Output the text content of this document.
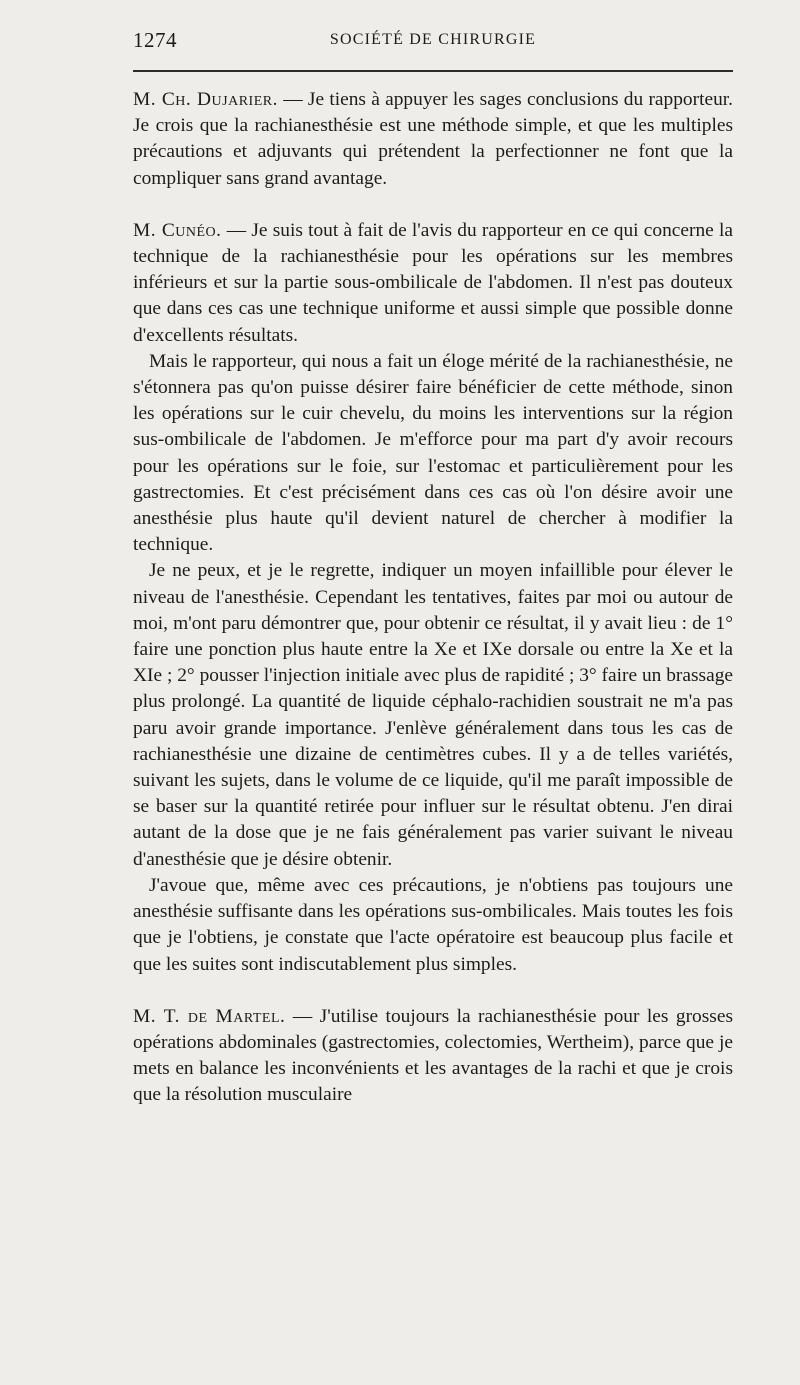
1274	SOCIÉTÉ DE CHIRURGIE

M. Ch. Dujarier. — Je tiens à appuyer les sages conclusions du rapporteur. Je crois que la rachianesthésie est une méthode simple, et que les multiples précautions et adjuvants qui prétendent la perfectionner ne font que la compliquer sans grand avantage.

M. Cunéo. — Je suis tout à fait de l'avis du rapporteur en ce qui concerne la technique de la rachianesthésie pour les opérations sur les membres inférieurs et sur la partie sous-ombilicale de l'abdomen. Il n'est pas douteux que dans ces cas une technique uniforme et aussi simple que possible donne d'excellents résultats.

Mais le rapporteur, qui nous a fait un éloge mérité de la rachianesthésie, ne s'étonnera pas qu'on puisse désirer faire bénéficier de cette méthode, sinon les opérations sur le cuir chevelu, du moins les interventions sur la région sus-ombilicale de l'abdomen. Je m'efforce pour ma part d'y avoir recours pour les opérations sur le foie, sur l'estomac et particulièrement pour les gastrectomies. Et c'est précisément dans ces cas où l'on désire avoir une anesthésie plus haute qu'il devient naturel de chercher à modifier la technique.

Je ne peux, et je le regrette, indiquer un moyen infaillible pour élever le niveau de l'anesthésie. Cependant les tentatives, faites par moi ou autour de moi, m'ont paru démontrer que, pour obtenir ce résultat, il y avait lieu : de 1° faire une ponction plus haute entre la Xe et IXe dorsale ou entre la Xe et la XIe ; 2° pousser l'injection initiale avec plus de rapidité ; 3° faire un brassage plus prolongé. La quantité de liquide céphalo-rachidien soustrait ne m'a pas paru avoir grande importance. J'enlève généralement dans tous les cas de rachianesthésie une dizaine de centimètres cubes. Il y a de telles variétés, suivant les sujets, dans le volume de ce liquide, qu'il me paraît impossible de se baser sur la quantité retirée pour influer sur le résultat obtenu. J'en dirai autant de la dose que je ne fais généralement pas varier suivant le niveau d'anesthésie que je désire obtenir.

J'avoue que, même avec ces précautions, je n'obtiens pas toujours une anesthésie suffisante dans les opérations sus-ombilicales. Mais toutes les fois que je l'obtiens, je constate que l'acte opératoire est beaucoup plus facile et que les suites sont indiscutablement plus simples.

M. T. de Martel. — J'utilise toujours la rachianesthésie pour les grosses opérations abdominales (gastrectomies, colectomies, Wertheim), parce que je mets en balance les inconvénients et les avantages de la rachi et que je crois que la résolution musculaire
